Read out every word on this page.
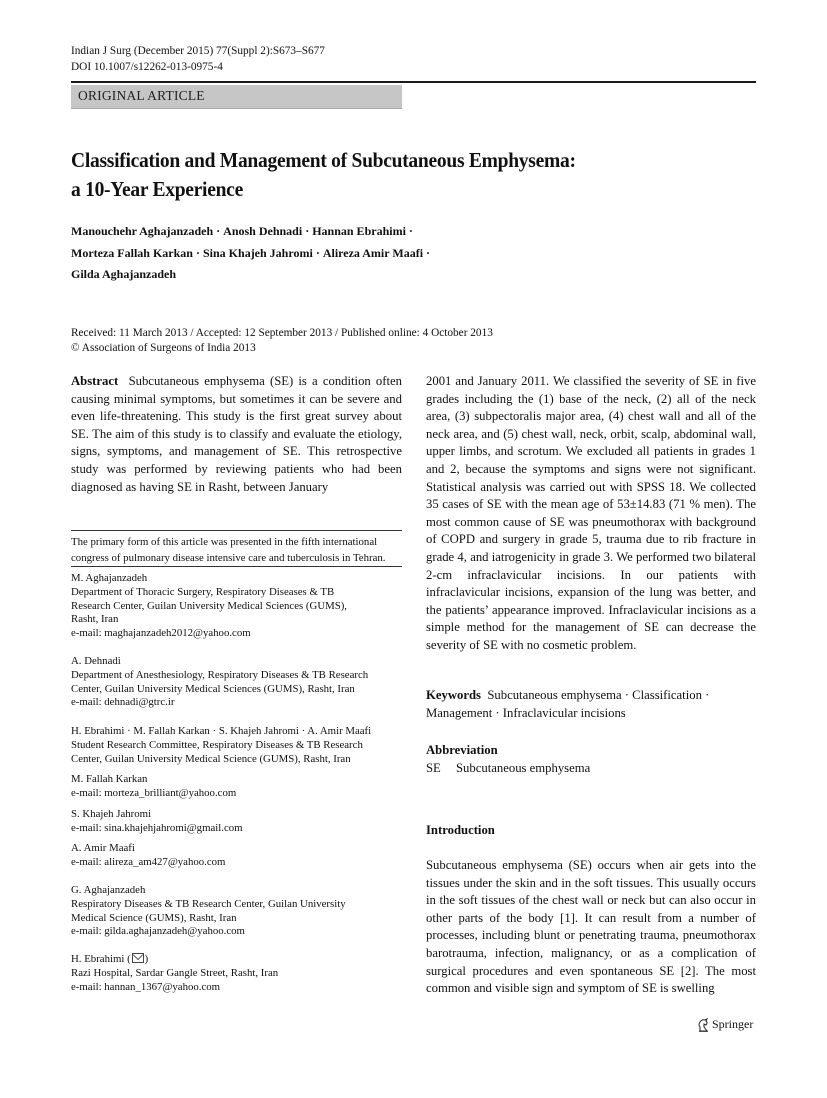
Indian J Surg (December 2015) 77(Suppl 2):S673–S677
DOI 10.1007/s12262-013-0975-4
ORIGINAL ARTICLE
Classification and Management of Subcutaneous Emphysema:
a 10-Year Experience
Manouchehr Aghajanzadeh · Anosh Dehnadi · Hannan Ebrahimi ·
Morteza Fallah Karkan · Sina Khajeh Jahromi · Alireza Amir Maafi ·
Gilda Aghajanzadeh
Received: 11 March 2013 / Accepted: 12 September 2013 / Published online: 4 October 2013
© Association of Surgeons of India 2013
Abstract Subcutaneous emphysema (SE) is a condition often causing minimal symptoms, but sometimes it can be severe and even life-threatening. This study is the first great survey about SE. The aim of this study is to classify and evaluate the etiology, signs, symptoms, and management of SE. This retrospective study was performed by reviewing patients who had been diagnosed as having SE in Rasht, between January
2001 and January 2011. We classified the severity of SE in five grades including the (1) base of the neck, (2) all of the neck area, (3) subpectoralis major area, (4) chest wall and all of the neck area, and (5) chest wall, neck, orbit, scalp, abdominal wall, upper limbs, and scrotum. We excluded all patients in grades 1 and 2, because the symptoms and signs were not significant. Statistical analysis was carried out with SPSS 18. We collected 35 cases of SE with the mean age of 53±14.83 (71 % men). The most common cause of SE was pneumothorax with background of COPD and surgery in grade 5, trauma due to rib fracture in grade 4, and iatrogenicity in grade 3. We performed two bilateral 2-cm infraclavicular incisions. In our patients with infraclavicular incisions, expansion of the lung was better, and the patients’ appearance improved. Infraclavicular incisions as a simple method for the management of SE can decrease the severity of SE with no cosmetic problem.
The primary form of this article was presented in the fifth international congress of pulmonary disease intensive care and tuberculosis in Tehran.
M. Aghajanzadeh
Department of Thoracic Surgery, Respiratory Diseases & TB
Research Center, Guilan University Medical Sciences (GUMS),
Rasht, Iran
e-mail: maghajanzadeh2012@yahoo.com
A. Dehnadi
Department of Anesthesiology, Respiratory Diseases & TB Research
Center, Guilan University Medical Sciences (GUMS), Rasht, Iran
e-mail: dehnadi@gtrc.ir
H. Ebrahimi · M. Fallah Karkan · S. Khajeh Jahromi · A. Amir Maafi
Student Research Committee, Respiratory Diseases & TB Research
Center, Guilan University Medical Science (GUMS), Rasht, Iran
M. Fallah Karkan
e-mail: morteza_brilliant@yahoo.com
S. Khajeh Jahromi
e-mail: sina.khajehjahromi@gmail.com
A. Amir Maafi
e-mail: alireza_am427@yahoo.com
G. Aghajanzadeh
Respiratory Diseases & TB Research Center, Guilan University
Medical Science (GUMS), Rasht, Iran
e-mail: gilda.aghajanzadeh@yahoo.com
H. Ebrahimi ( )
Razi Hospital, Sardar Gangle Street, Rasht, Iran
e-mail: hannan_1367@yahoo.com
Keywords Subcutaneous emphysema · Classification ·
Management · Infraclavicular incisions
Abbreviation
SE Subcutaneous emphysema
Introduction
Subcutaneous emphysema (SE) occurs when air gets into the tissues under the skin and in the soft tissues. This usually occurs in the soft tissues of the chest wall or neck but can also occur in other parts of the body [1]. It can result from a number of processes, including blunt or penetrating trauma, pneumothorax barotrauma, infection, malignancy, or as a complication of surgical procedures and even spontaneous SE [2]. The most common and visible sign and symptom of SE is swelling
Springer
